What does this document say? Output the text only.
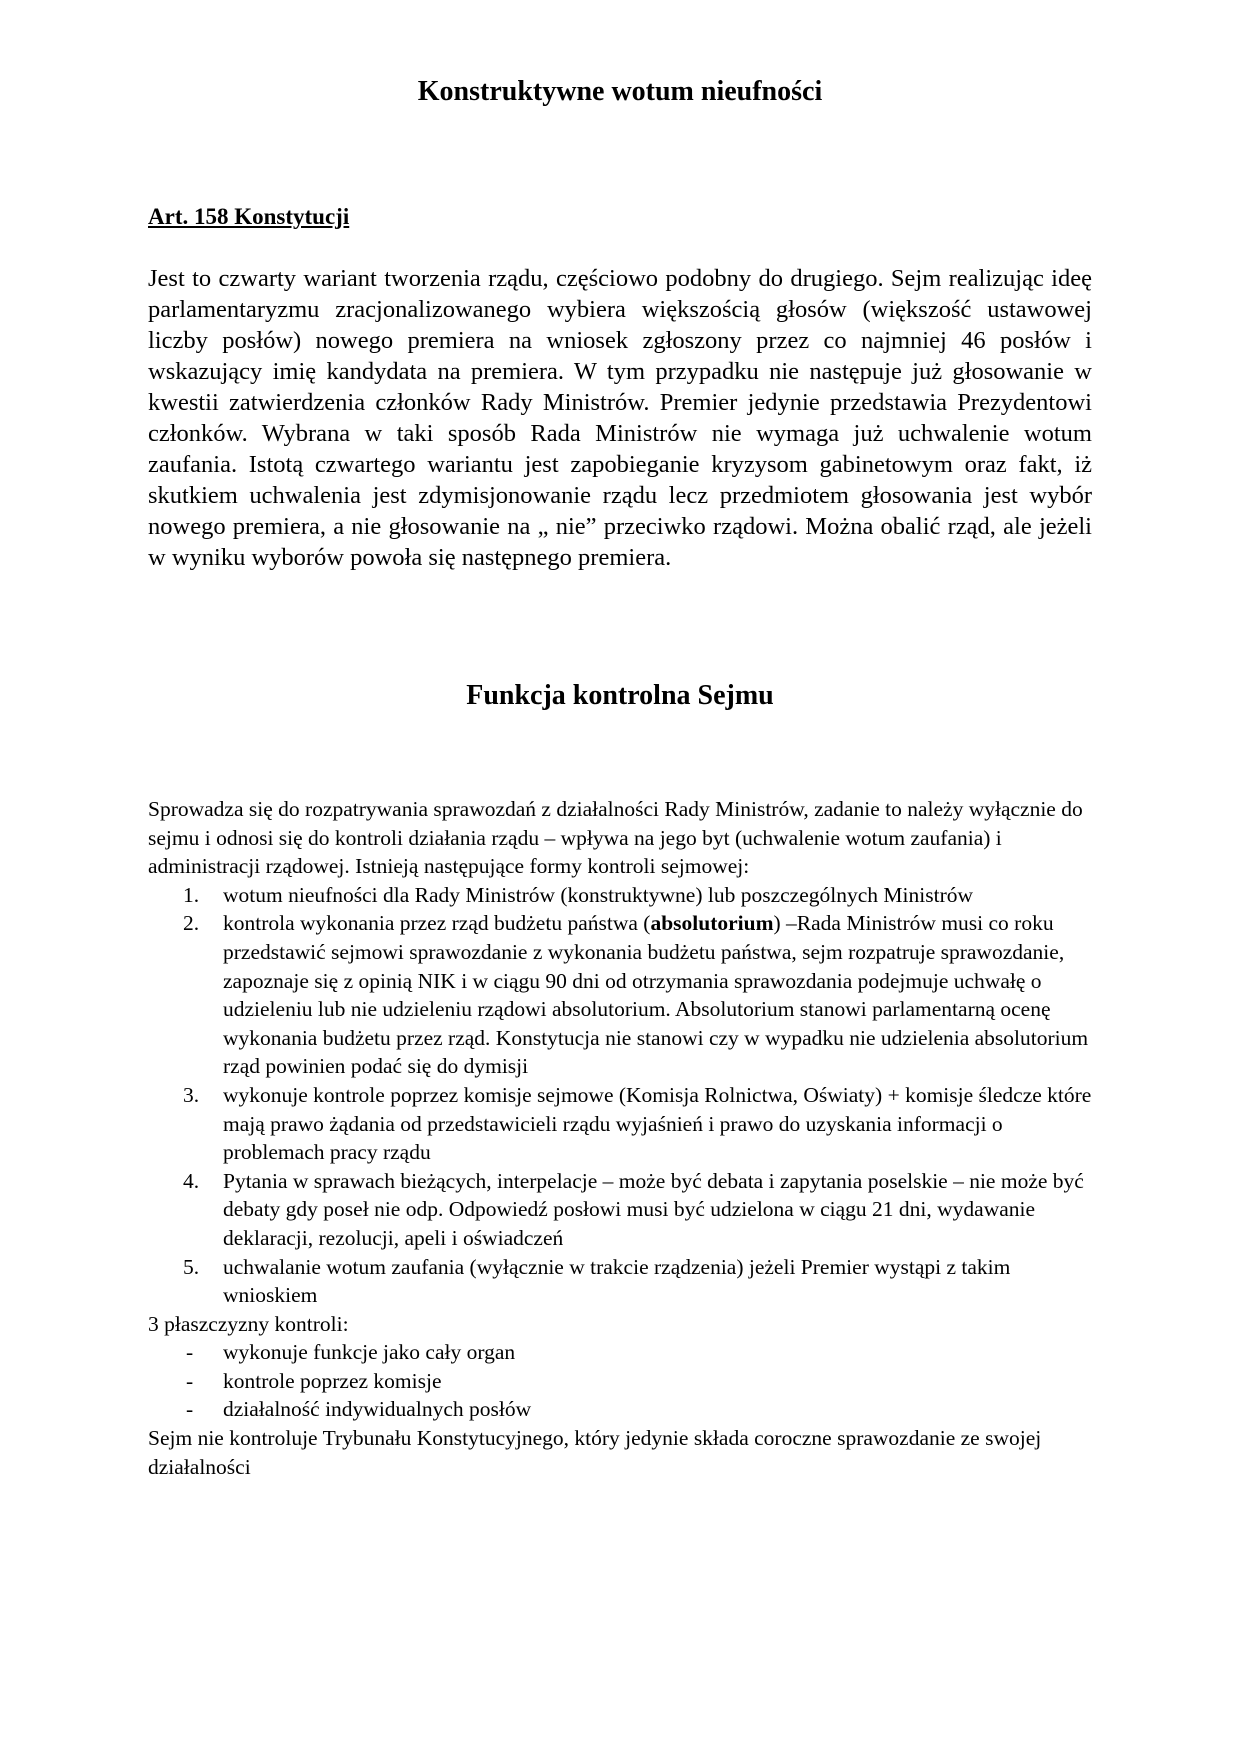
Konstruktywne wotum nieufności

Art. 158 Konstytucji

Jest to czwarty wariant tworzenia rządu, częściowo podobny do drugiego. Sejm realizując ideę parlamentaryzmu zracjonalizowanego wybiera większością głosów (większość ustawowej liczby posłów) nowego premiera na wniosek zgłoszony przez co najmniej 46 posłów i wskazujący imię kandydata na premiera. W tym przypadku nie następuje już głosowanie w kwestii zatwierdzenia członków Rady Ministrów. Premier jedynie przedstawia Prezydentowi członków. Wybrana w taki sposób Rada Ministrów nie wymaga już uchwalenie wotum zaufania. Istotą czwartego wariantu jest zapobieganie kryzysom gabinetowym oraz fakt, iż skutkiem uchwalenia jest zdymisjonowanie rządu lecz przedmiotem głosowania jest wybór nowego premiera, a nie głosowanie na „ nie” przeciwko rządowi. Można obalić rząd, ale jeżeli w wyniku wyborów powoła się następnego premiera.

Funkcja kontrolna Sejmu

Sprowadza się do rozpatrywania sprawozdań z działalności Rady Ministrów, zadanie to należy wyłącznie do sejmu i odnosi się do kontroli działania rządu – wpływa na jego byt (uchwalenie wotum zaufania) i administracji rządowej. Istnieją następujące formy kontroli sejmowej:

1. wotum nieufności dla Rady Ministrów (konstruktywne) lub poszczególnych Ministrów
2. kontrola wykonania przez rząd budżetu państwa (absolutorium) –Rada Ministrów musi co roku przedstawić sejmowi sprawozdanie z wykonania budżetu państwa, sejm rozpatruje sprawozdanie, zapoznaje się z opinią NIK i w ciągu 90 dni od otrzymania sprawozdania podejmuje uchwałę o udzieleniu lub nie udzieleniu rządowi absolutorium. Absolutorium stanowi parlamentarną ocenę wykonania budżetu przez rząd. Konstytucja nie stanowi czy w wypadku nie udzielenia absolutorium rząd powinien podać się do dymisji
3. wykonuje kontrole poprzez komisje sejmowe (Komisja Rolnictwa, Oświaty) + komisje śledcze które mają prawo żądania od przedstawicieli rządu wyjaśnień i prawo do uzyskania informacji o problemach pracy rządu
4. Pytania w sprawach bieżących, interpelacje – może być debata i zapytania poselskie – nie może być debaty gdy poseł nie odp. Odpowiedź posłowi musi być udzielona w ciągu 21 dni, wydawanie deklaracji, rezolucji, apeli i oświadczeń
5. uchwalanie wotum zaufania (wyłącznie w trakcie rządzenia) jeżeli Premier wystąpi z takim wnioskiem

3 płaszczyzny kontroli:

- wykonuje funkcje jako cały organ
- kontrole poprzez komisje
- działalność indywidualnych posłów

Sejm nie kontroluje Trybunału Konstytucyjnego, który jedynie składa coroczne sprawozdanie ze swojej działalności
